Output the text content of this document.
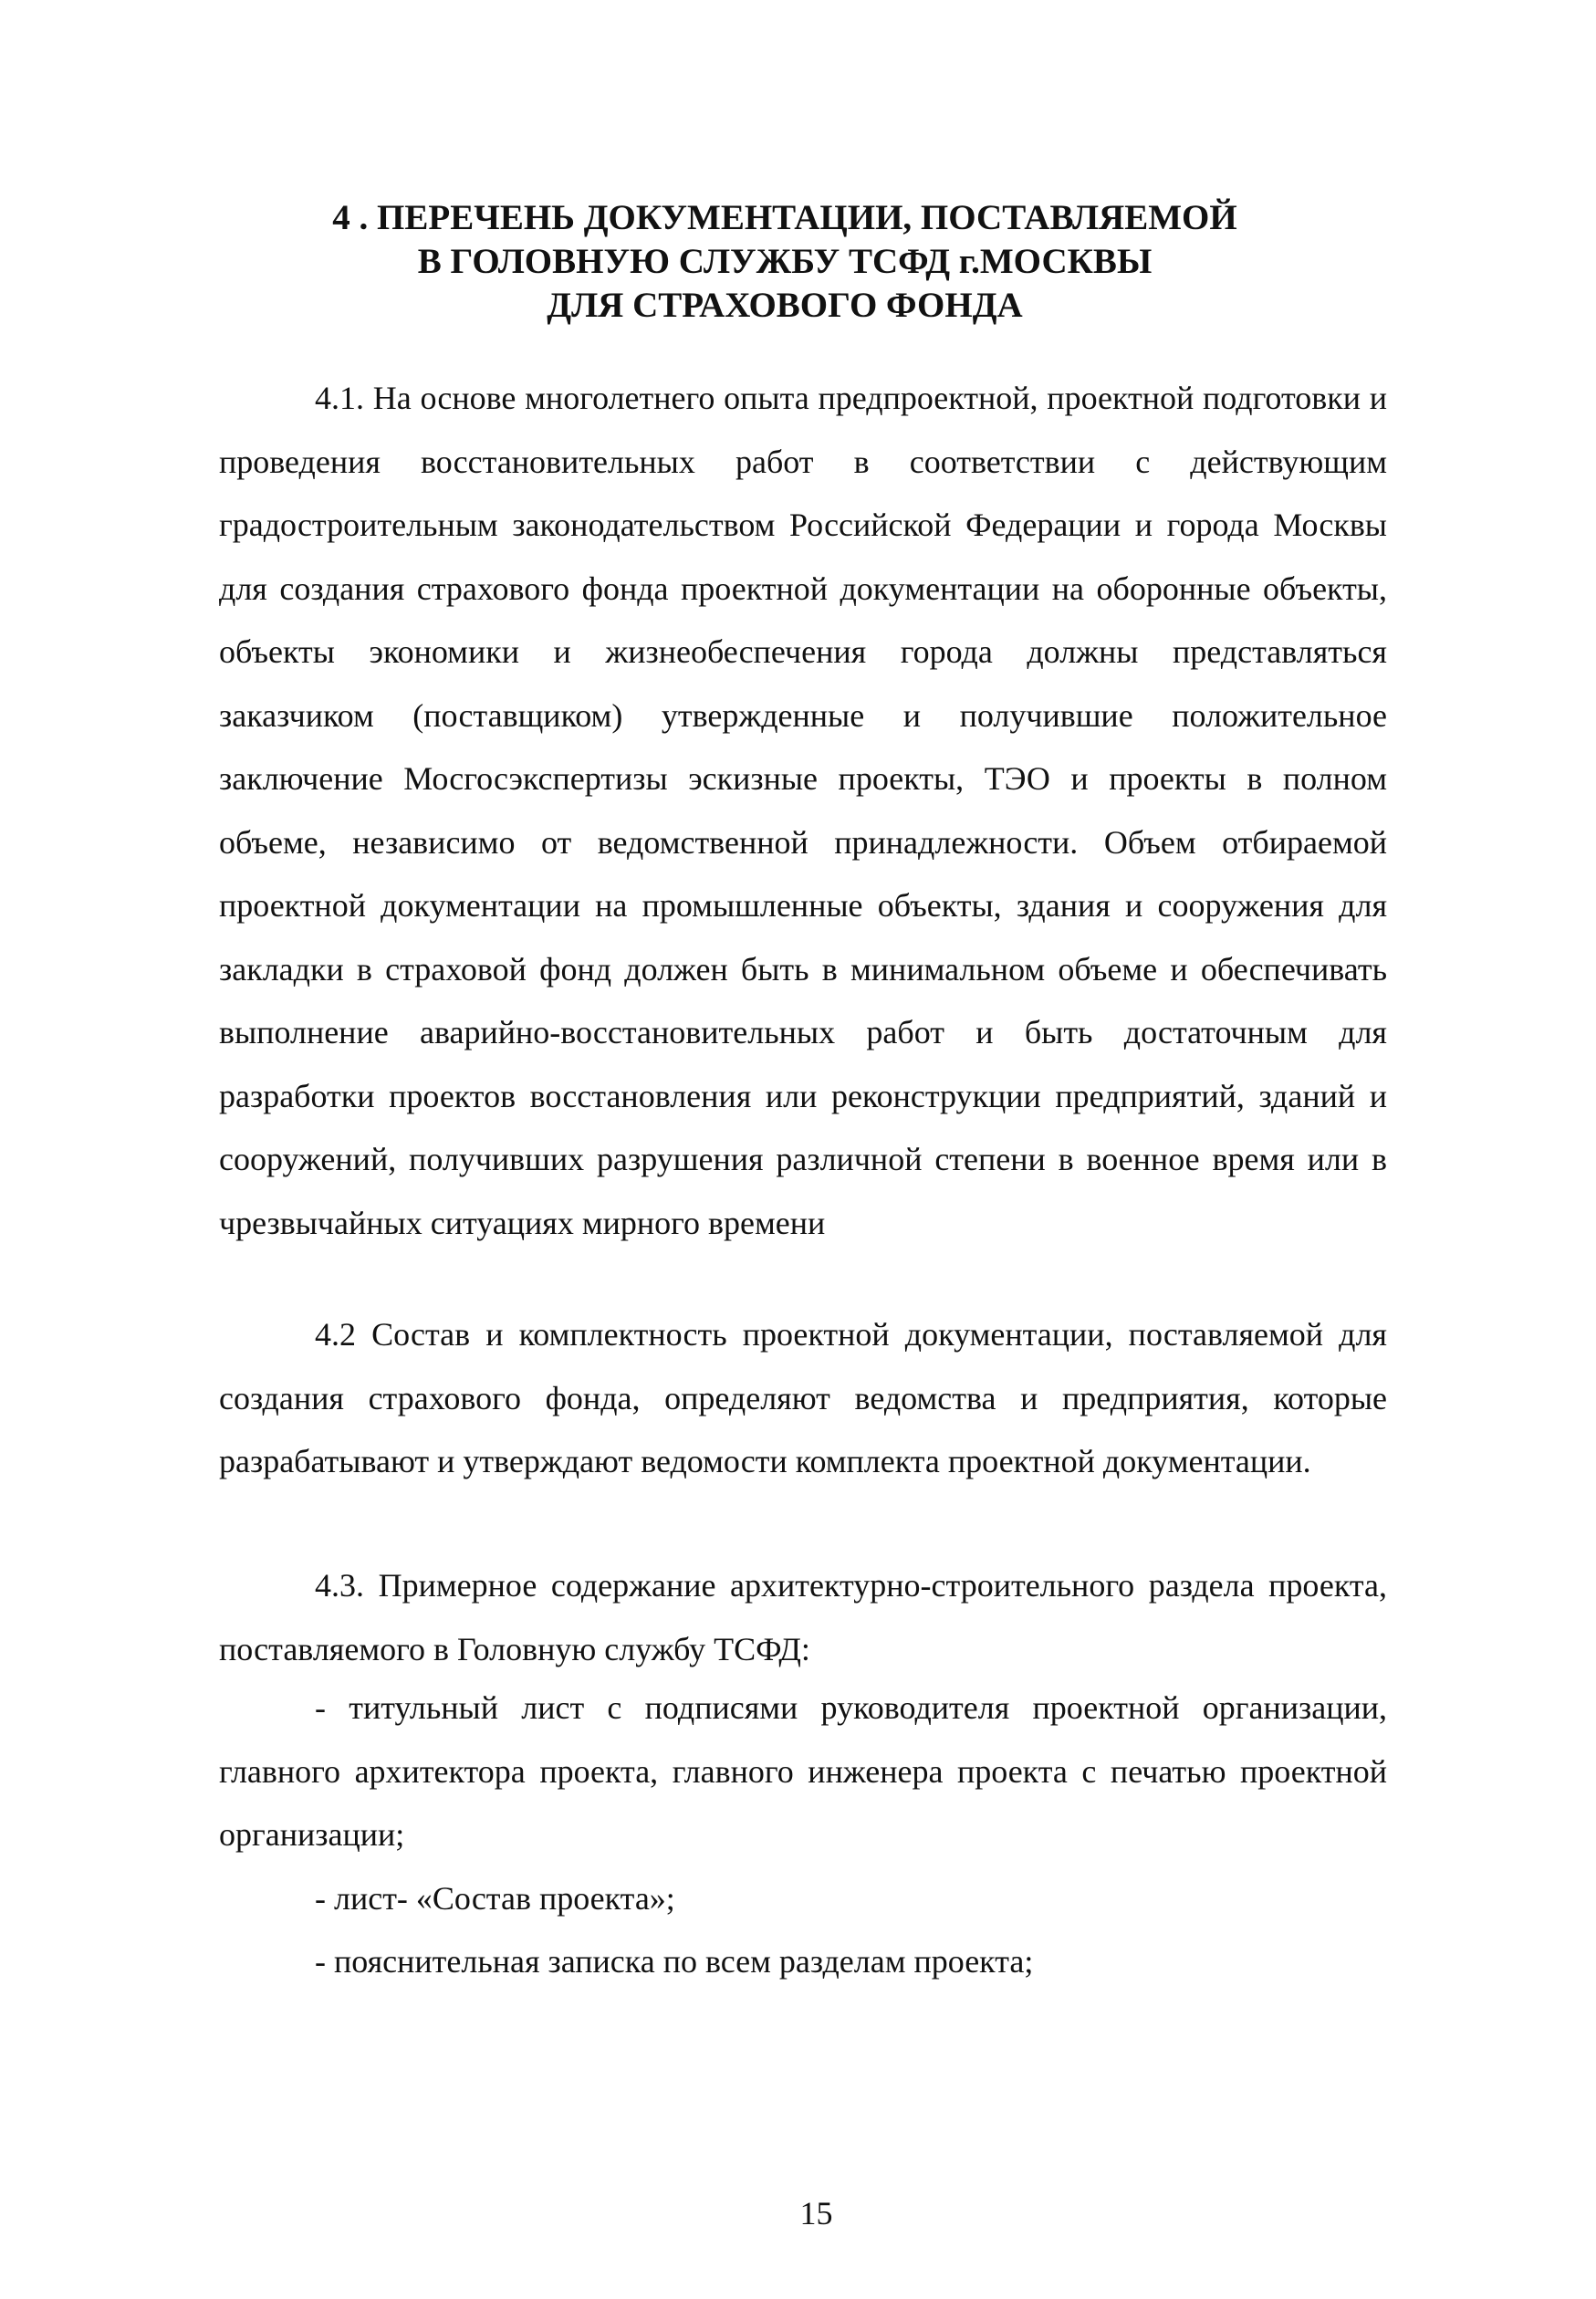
4 . ПЕРЕЧЕНЬ ДОКУМЕНТАЦИИ, ПОСТАВЛЯЕМОЙ
В ГОЛОВНУЮ СЛУЖБУ ТСФД г.МОСКВЫ
ДЛЯ СТРАХОВОГО ФОНДА

4.1. На основе многолетнего опыта предпроектной, проектной подготовки и проведения восстановительных работ в соответствии с действующим градостроительным законодательством Российской Федерации и города Москвы для создания страхового фонда проектной документации на оборонные объекты, объекты экономики и жизнеобеспечения города должны представляться заказчиком (поставщиком) утвержденные и получившие положительное заключение Мосгосэкспертизы эскизные проекты, ТЭО и проекты в полном объеме, независимо от ведомственной принадлежности. Объем отбираемой проектной документации на промышленные объекты, здания и сооружения для закладки в страховой фонд должен быть в минимальном объеме и обеспечивать выполнение аварийно-восстановительных работ и быть достаточным для разработки проектов восстановления или реконструкции предприятий, зданий и сооружений, получивших разрушения различной степени в военное время или в чрезвычайных ситуациях мирного времени

4.2 Состав и комплектность проектной документации, поставляемой для создания страхового фонда, определяют ведомства и предприятия, которые разрабатывают и утверждают ведомости комплекта проектной документации.

4.3. Примерное содержание архитектурно-строительного раздела проекта, поставляемого в Головную службу ТСФД:

- титульный лист с подписями руководителя проектной организации, главного архитектора проекта, главного инженера проекта с печатью проектной организации;

- лист- «Состав проекта»;

- пояснительная записка по всем разделам проекта;

15
